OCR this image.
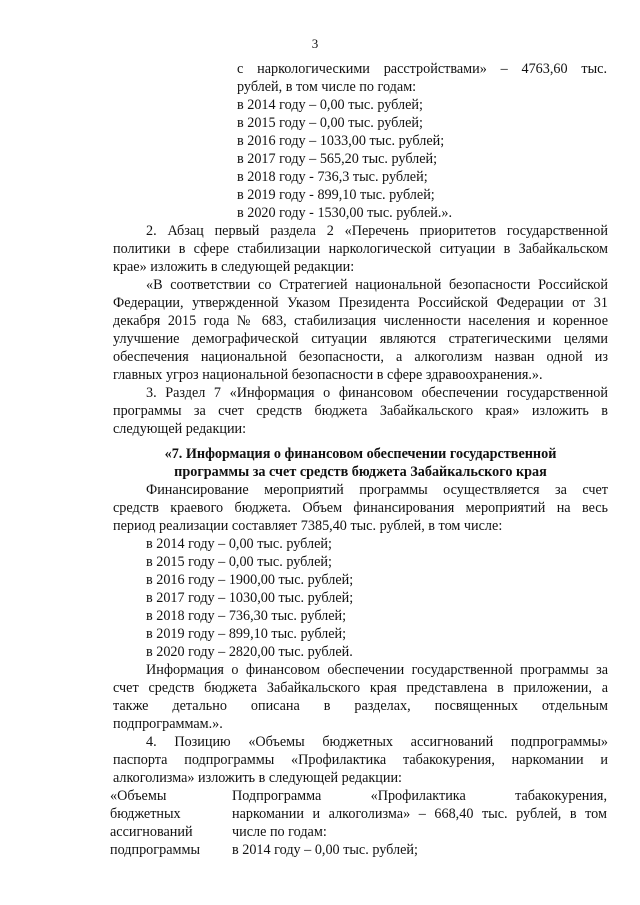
3
с наркологическими расстройствами» – 4763,60 тыс.
рублей, в том числе по годам:
в 2014 году – 0,00 тыс. рублей;
в 2015 году – 0,00 тыс. рублей;
в 2016 году – 1033,00 тыс. рублей;
в 2017 году – 565,20 тыс. рублей;
в 2018 году - 736,3 тыс. рублей;
в 2019 году - 899,10 тыс. рублей;
в 2020 году - 1530,00 тыс. рублей.».
2. Абзац первый раздела 2 «Перечень приоритетов государственной
политики в сфере стабилизации наркологической ситуации в Забайкальском
крае» изложить в следующей редакции:
«В соответствии со Стратегией национальной безопасности Российской
Федерации, утвержденной Указом Президента Российской Федерации от 31
декабря 2015 года № 683, стабилизация численности населения и коренное
улучшение демографической ситуации являются стратегическими целями
обеспечения национальной безопасности, а алкоголизм назван одной из
главных угроз национальной безопасности в сфере здравоохранения.».
3. Раздел 7 «Информация о финансовом обеспечении государственной
программы за счет средств бюджета Забайкальского края» изложить в
следующей редакции:
«7. Информация о финансовом обеспечении государственной
программы за счет средств бюджета Забайкальского края
Финансирование мероприятий программы осуществляется за счет
средств краевого бюджета. Объем финансирования мероприятий на весь
период реализации составляет 7385,40 тыс. рублей, в том числе:
в 2014 году – 0,00 тыс. рублей;
в 2015 году – 0,00 тыс. рублей;
в 2016 году – 1900,00 тыс. рублей;
в 2017 году – 1030,00 тыс. рублей;
в 2018 году – 736,30 тыс. рублей;
в 2019 году – 899,10 тыс. рублей;
в 2020 году – 2820,00 тыс. рублей.
Информация о финансовом обеспечении государственной программы за
счет средств бюджета Забайкальского края представлена в приложении, а
также детально описана в разделах, посвященных отдельным
подпрограммам.».
4. Позицию «Объемы бюджетных ассигнований подпрограммы»
паспорта подпрограммы «Профилактика табакокурения, наркомании и
алкоголизма» изложить в следующей редакции:
«Объемы
бюджетных
ассигнований
подпрограммы
Подпрограмма «Профилактика табакокурения,
наркомании и алкоголизма» – 668,40 тыс. рублей, в том
числе по годам:
в 2014 году – 0,00 тыс. рублей;
